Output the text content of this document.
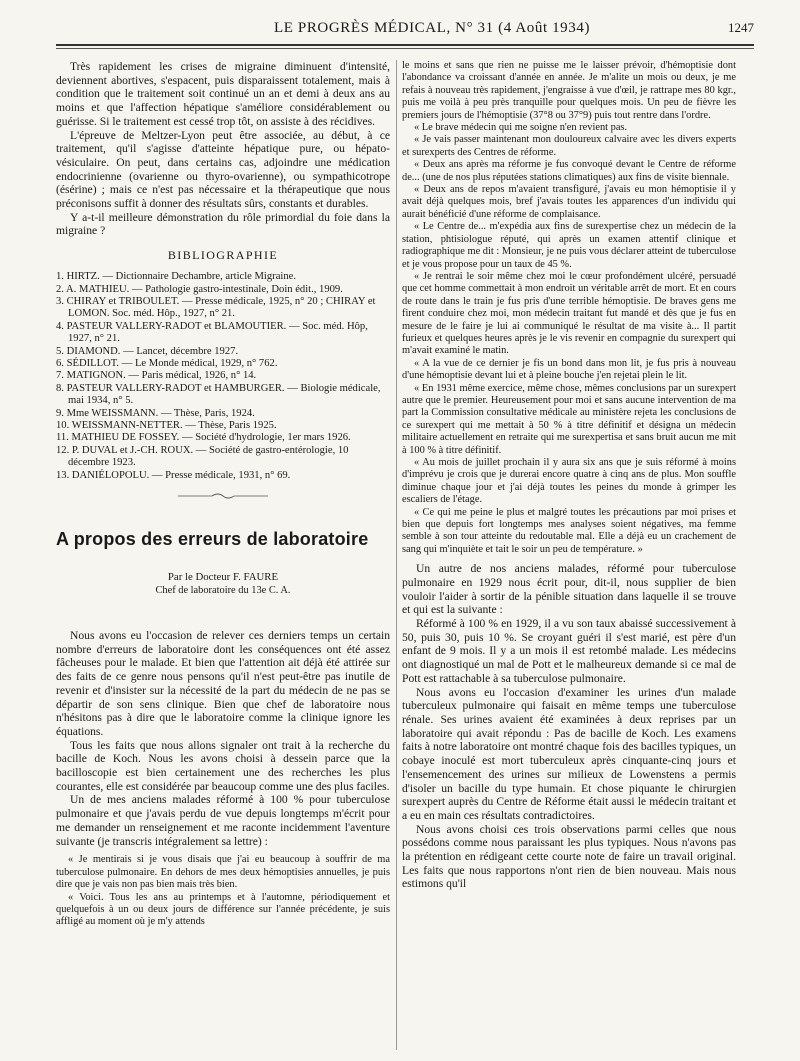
LE PROGRÈS MÉDICAL, N° 31 (4 Août 1934)	1247

Très rapidement les crises de migraine diminuent d'intensité, deviennent abortives, s'espacent, puis disparaissent totalement, mais à condition que le traitement soit continué un an et demi à deux ans au moins et que l'affection hépatique s'améliore considérablement ou guérisse. Si le traitement est cessé trop tôt, on assiste à des récidives.

L'épreuve de Meltzer-Lyon peut être associée, au début, à ce traitement, qu'il s'agisse d'atteinte hépatique pure, ou hépato-vésiculaire. On peut, dans certains cas, adjoindre une médication endocrinienne (ovarienne ou thyro-ovarienne), ou sympathicotrope (ésérine) ; mais ce n'est pas nécessaire et la thérapeutique que nous préconisons suffit à donner des résultats sûrs, constants et durables.

Y a-t-il meilleure démonstration du rôle primordial du foie dans la migraine ?

BIBLIOGRAPHIE

1. HIRTZ. — Dictionnaire Dechambre, article Migraine.

2. A. MATHIEU. — Pathologie gastro-intestinale, Doin édit., 1909.

3. CHIRAY et TRIBOULET. — Presse médicale, 1925, n° 20 ; CHIRAY et LOMON. Soc. méd. Hôp., 1927, n° 21.

4. PASTEUR VALLERY-RADOT et BLAMOUTIER. — Soc. méd. Hôp, 1927, n° 21.

5. DIAMOND. — Lancet, décembre 1927.

6. SÉDILLOT. — Le Monde médical, 1929, n° 762.

7. MATIGNON. — Paris médical, 1926, n° 14.

8. PASTEUR VALLERY-RADOT et HAMBURGER. — Biologie médicale, mai 1934, n° 5.

9. Mme WEISSMANN. — Thèse, Paris, 1924.

10. WEISSMANN-NETTER. — Thèse, Paris 1925.

11. MATHIEU DE FOSSEY. — Société d'hydrologie, 1er mars 1926.

12. P. DUVAL et J.-CH. ROUX. — Société de gastro-entérologie, 10 décembre 1923.

13. DANIÉLOPOLU. — Presse médicale, 1931, n° 69.

A propos des erreurs de laboratoire
Par le Docteur F. FAURE
Chef de laboratoire du 13e C. A.

Nous avons eu l'occasion de relever ces derniers temps un certain nombre d'erreurs de laboratoire dont les conséquences ont été assez fâcheuses pour le malade. Et bien que l'attention ait déjà été attirée sur des faits de ce genre nous pensons qu'il n'est peut-être pas inutile de revenir et d'insister sur la nécessité de la part du médecin de ne pas se départir de son sens clinique. Bien que chef de laboratoire nous n'hésitons pas à dire que le laboratoire comme la clinique ignore les équations.

Tous les faits que nous allons signaler ont trait à la recherche du bacille de Koch. Nous les avons choisi à dessein parce que la bacilloscopie est bien certainement une des recherches les plus courantes, elle est considérée par beaucoup comme une des plus faciles.

Un de mes anciens malades réformé à 100 % pour tuberculose pulmonaire et que j'avais perdu de vue depuis longtemps m'écrit pour me demander un renseignement et me raconte incidemment l'aventure suivante (je transcris intégralement sa lettre) :

« Je mentirais si je vous disais que j'ai eu beaucoup à souffrir de ma tuberculose pulmonaire. En dehors de mes deux hémoptisies annuelles, je puis dire que je vais non pas bien mais très bien.

« Voici. Tous les ans au printemps et à l'automne, périodiquement et quelquefois à un ou deux jours de différence sur l'année précédente, je suis affligé au moment où je m'y attends

le moins et sans que rien ne puisse me le laisser prévoir, d'hémoptisie dont l'abondance va croissant d'année en année. Je m'alite un mois ou deux, je me refais à nouveau très rapidement, j'engraisse à vue d'œil, je rattrape mes 80 kgr., puis me voilà à peu près tranquille pour quelques mois. Un peu de fièvre les premiers jours de l'hémoptisie (37°8 ou 37°9) puis tout rentre dans l'ordre.

« Le brave médecin qui me soigne n'en revient pas.

« Je vais passer maintenant mon douloureux calvaire avec les divers experts et surexperts des Centres de réforme.

« Deux ans après ma réforme je fus convoqué devant le Centre de réforme de... (une de nos plus réputées stations climatiques) aux fins de visite biennale.

« Deux ans de repos m'avaient transfiguré, j'avais eu mon hémoptisie il y avait déjà quelques mois, bref j'avais toutes les apparences d'un individu qui aurait bénéficié d'une réforme de complaisance.

« Le Centre de... m'expédia aux fins de surexpertise chez un médecin de la station, phtisiologue réputé, qui après un examen attentif clinique et radiographique me dit : Monsieur, je ne puis vous déclarer atteint de tuberculose et je vous propose pour un taux de 45 %.

« Je rentrai le soir même chez moi le cœur profondément ulcéré, persuadé que cet homme commettait à mon endroit un véritable arrêt de mort. Et en cours de route dans le train je fus pris d'une terrible hémoptisie. De braves gens me firent conduire chez moi, mon médecin traitant fut mandé et dès que je fus en mesure de le faire je lui ai communiqué le résultat de ma visite à... Il partit furieux et quelques heures après je le vis revenir en compagnie du surexpert qui m'avait examiné le matin.

« A la vue de ce dernier je fis un bond dans mon lit, je fus pris à nouveau d'une hémoptisie devant lui et à pleine bouche j'en rejetai plein le lit.

« En 1931 même exercice, même chose, mêmes conclusions par un surexpert autre que le premier. Heureusement pour moi et sans aucune intervention de ma part la Commission consultative médicale au ministère rejeta les conclusions de ce surexpert qui me mettait à 50 % à titre définitif et désigna un médecin militaire actuellement en retraite qui me surexpertisa et sans bruit aucun me mit à 100 % à titre définitif.

« Au mois de juillet prochain il y aura six ans que je suis réformé à moins d'imprévu je crois que je durerai encore quatre à cinq ans de plus. Mon souffle diminue chaque jour et j'ai déjà toutes les peines du monde à grimper les escaliers de l'étage.

« Ce qui me peine le plus et malgré toutes les précautions par moi prises et bien que depuis fort longtemps mes analyses soient négatives, ma femme semble à son tour atteinte du redoutable mal. Elle a déjà eu un crachement de sang qui m'inquiète et tait le soir un peu de température. »

Un autre de nos anciens malades, réformé pour tuberculose pulmonaire en 1929 nous écrit pour, dit-il, nous supplier de bien vouloir l'aider à sortir de la pénible situation dans laquelle il se trouve et qui est la suivante :

Réformé à 100 % en 1929, il a vu son taux abaissé successivement à 50, puis 30, puis 10 %. Se croyant guéri il s'est marié, est père d'un enfant de 9 mois. Il y a un mois il est retombé malade. Les médecins ont diagnostiqué un mal de Pott et le malheureux demande si ce mal de Pott est rattachable à sa tuberculose pulmonaire.

Nous avons eu l'occasion d'examiner les urines d'un malade tuberculeux pulmonaire qui faisait en même temps une tuberculose rénale. Ses urines avaient été examinées à deux reprises par un laboratoire qui avait répondu : Pas de bacille de Koch. Les examens faits à notre laboratoire ont montré chaque fois des bacilles typiques, un cobaye inoculé est mort tuberculeux après cinquante-cinq jours et l'ensemencement des urines sur milieux de Lowenstens a permis d'isoler un bacille du type humain. Et chose piquante le chirurgien surexpert auprès du Centre de Réforme était aussi le médecin traitant et a eu en main ces résultats contradictoires.

Nous avons choisi ces trois observations parmi celles que nous possédons comme nous paraissant les plus typiques. Nous n'avons pas la prétention en rédigeant cette courte note de faire un travail original. Les faits que nous rapportons n'ont rien de bien nouveau. Mais nous estimons qu'il
